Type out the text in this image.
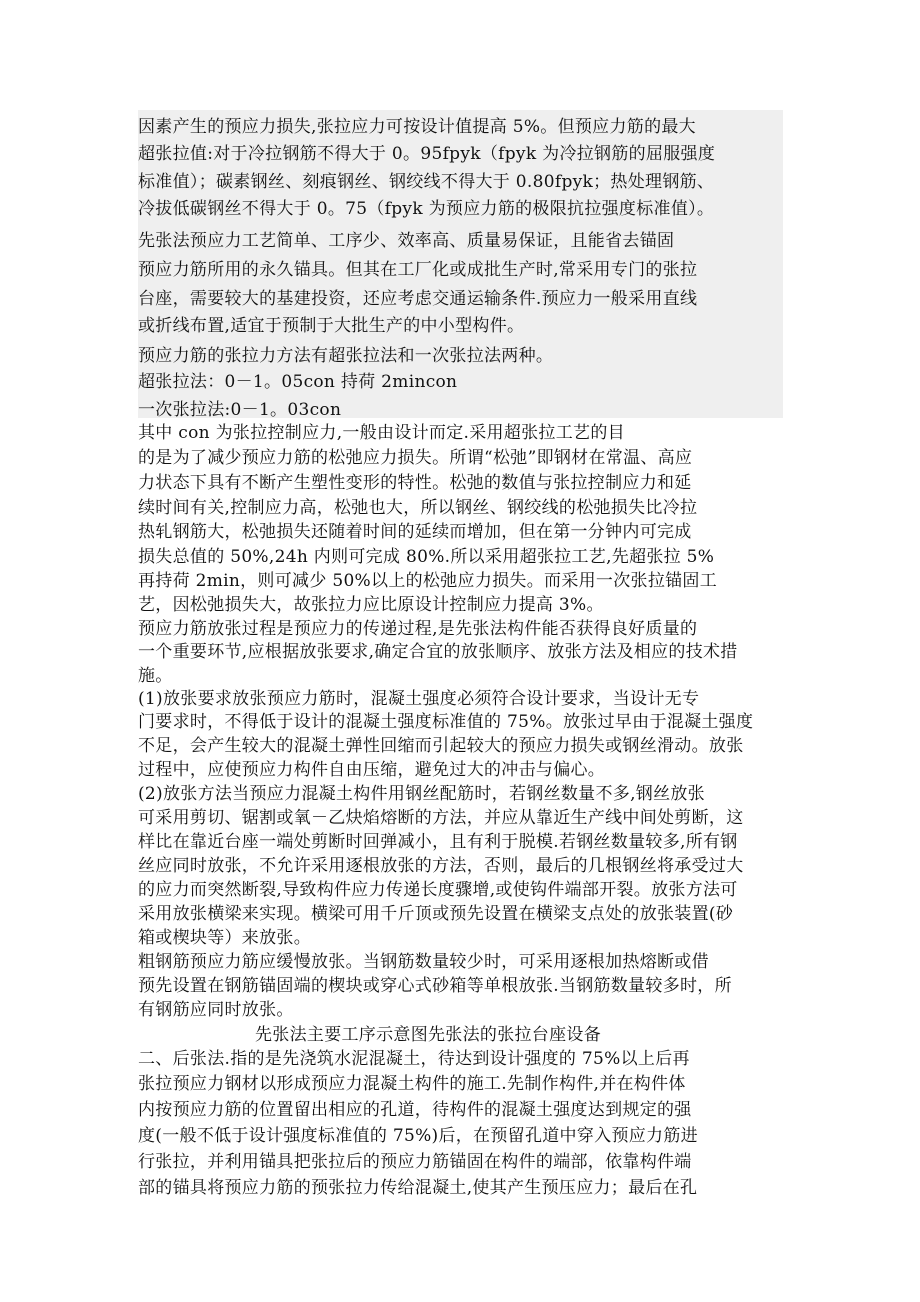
因素产生的预应力损失,张拉应力可按设计值提高 5%。但预应力筋的最大
超张拉值:对于冷拉钢筋不得大于 0。95fpyk（fpyk 为冷拉钢筋的屈服强度
标准值）；碳素钢丝、刻痕钢丝、钢绞线不得大于 0.80fpyk；热处理钢筋、
冷拔低碳钢丝不得大于 0。75（fpyk 为预应力筋的极限抗拉强度标准值）。
先张法预应力工艺简单、工序少、效率高、质量易保证，且能省去锚固
预应力筋所用的永久锚具。但其在工厂化或成批生产时,常采用专门的张拉
台座，需要较大的基建投资，还应考虑交通运输条件.预应力一般采用直线
或折线布置,适宜于预制于大批生产的中小型构件。
预应力筋的张拉力方法有超张拉法和一次张拉法两种。
超张拉法：0－1。05con 持荷 2mincon
一次张拉法:0－1。03con
其中 con 为张拉控制应力,一般由设计而定.采用超张拉工艺的目
的是为了减少预应力筋的松弛应力损失。所谓“松弛”即钢材在常温、高应
力状态下具有不断产生塑性变形的特性。松弛的数值与张拉控制应力和延
续时间有关,控制应力高，松弛也大，所以钢丝、钢绞线的松弛损失比冷拉
热轧钢筋大，松弛损失还随着时间的延续而增加，但在第一分钟内可完成
损失总值的 50%,24h 内则可完成 80%.所以采用超张拉工艺,先超张拉 5%
再持荷 2min，则可减少 50%以上的松弛应力损失。而采用一次张拉锚固工
艺，因松弛损失大，故张拉力应比原设计控制应力提高 3%。
预应力筋放张过程是预应力的传递过程,是先张法构件能否获得良好质量的
一个重要环节,应根据放张要求,确定合宜的放张顺序、放张方法及相应的技术措
施。
(1)放张要求放张预应力筋时，混凝土强度必须符合设计要求，当设计无专
门要求时，不得低于设计的混凝土强度标准值的 75%。放张过早由于混凝土强度
不足，会产生较大的混凝土弹性回缩而引起较大的预应力损失或钢丝滑动。放张
过程中，应使预应力构件自由压缩，避免过大的冲击与偏心。
(2)放张方法当预应力混凝土构件用钢丝配筋时，若钢丝数量不多,钢丝放张
可采用剪切、锯割或氧－乙炔焰熔断的方法，并应从靠近生产线中间处剪断，这
样比在靠近台座一端处剪断时回弹减小，且有利于脱模.若钢丝数量较多,所有钢
丝应同时放张，不允许采用逐根放张的方法，否则，最后的几根钢丝将承受过大
的应力而突然断裂,导致构件应力传递长度骤增,或使钩件端部开裂。放张方法可
采用放张横梁来实现。横梁可用千斤顶或预先设置在横梁支点处的放张装置(砂
箱或楔块等）来放张。
粗钢筋预应力筋应缓慢放张。当钢筋数量较少时，可采用逐根加热熔断或借
预先设置在钢筋锚固端的楔块或穿心式砂箱等单根放张.当钢筋数量较多时，所
有钢筋应同时放张。
先张法主要工序示意图先张法的张拉台座设备
二、后张法.指的是先浇筑水泥混凝土，待达到设计强度的 75%以上后再
张拉预应力钢材以形成预应力混凝土构件的施工.先制作构件,并在构件体
内按预应力筋的位置留出相应的孔道，待构件的混凝土强度达到规定的强
度(一般不低于设计强度标准值的 75%)后，在预留孔道中穿入预应力筋进
行张拉，并利用锚具把张拉后的预应力筋锚固在构件的端部，依靠构件端
部的锚具将预应力筋的预张拉力传给混凝土,使其产生预压应力；最后在孔
